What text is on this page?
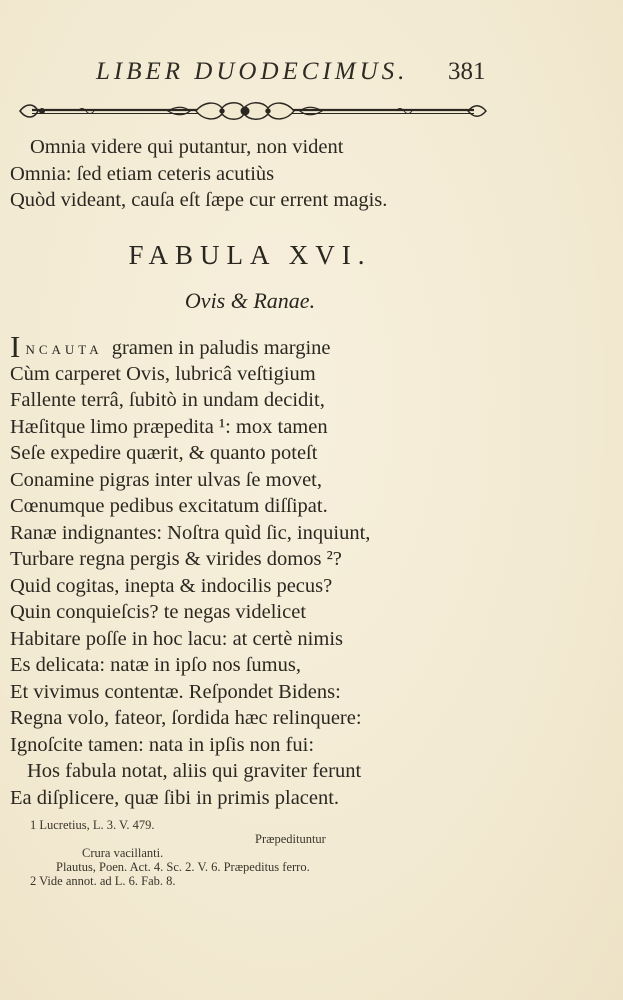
LIBER DUODECIMUS. 381
Omnia videre qui putantur, non vident
Omnia: ſed etiam ceteris acutiùs
Quòd videant, cauſa eſt ſæpe cur errent magis.
FABULA XVI.
Ovis & Ranae.
I NCAUTA gramen in paludis margine
Cùm carperet Ovis, lubricâ veſtigium
Fallente terrâ, ſubitò in undam decidit,
Hæſitque limo præpedita ¹: mox tamen
Seſe expedire quærit, & quanto poteſt
Conamine pigras inter ulvas ſe movet,
Cœnumque pedibus excitatum diſſipat.
Ranæ indignantes: Noſtra quìd ſic, inquiunt,
Turbare regna pergis & virides domos ²?
Quid cogitas, inepta & indocilis pecus?
Quin conquieſcis? te negas videlicet
Habitare poſſe in hoc lacu: at certè nimis
Es delicata: natæ in ipſo nos ſumus,
Et vivimus contentæ. Reſpondet Bidens:
Regna volo, fateor, ſordida hæc relinquere:
Ignoſcite tamen: nata in ipſis non fui:
Hos fabula notat, aliis qui graviter ferunt
Ea diſplicere, quæ ſibi in primis placent.
1 Lucretius, L. 3. V. 479.
Præpedituntur
Crura vacillanti.
Plautus, Poen. Act. 4. Sc. 2. V. 6. Præpeditus ferro.
2 Vide annot. ad L. 6. Fab. 8.
